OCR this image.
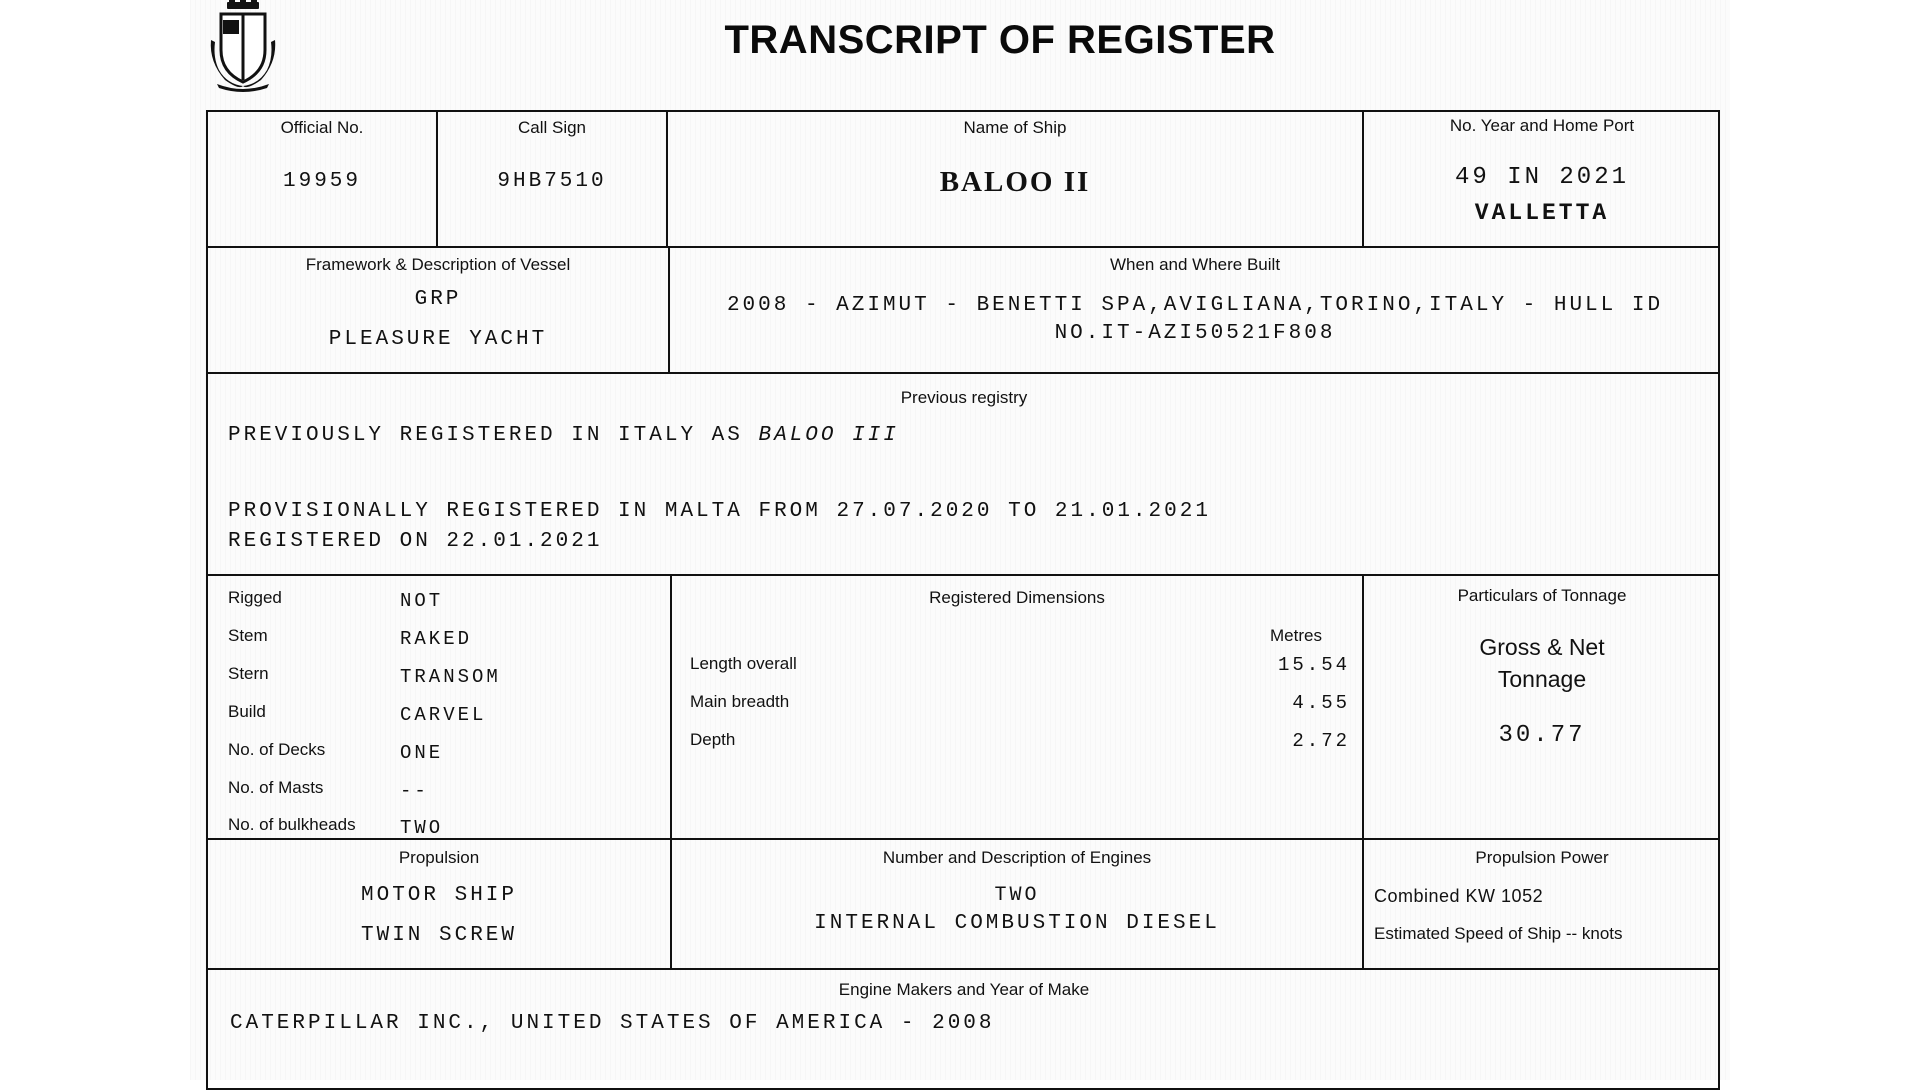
TRANSCRIPT OF REGISTER
Official No.
19959
Call Sign
9HB7510
Name of Ship
BALOO II
No. Year and Home Port
49 IN 2021
VALLETTA
Framework & Description of Vessel
GRP
PLEASURE YACHT
When and Where Built
2008 - AZIMUT - BENETTI SPA,AVIGLIANA,TORINO,ITALY - HULL ID
NO.IT-AZI50521F808
Previous registry
PREVIOUSLY REGISTERED IN ITALY AS BALOO III
PROVISIONALLY REGISTERED IN MALTA FROM 27.07.2020 TO 21.01.2021
REGISTERED ON 22.01.2021
Rigged	NOT
Stem	RAKED
Stern	TRANSOM
Build	CARVEL
No. of Decks	ONE
No. of Masts	--
No. of bulkheads TWO
Registered Dimensions
Metres
Length overall	15.54
Main breadth	4.55
Depth	2.72
Particulars of Tonnage
Gross & Net
Tonnage
30.77
Propulsion
MOTOR SHIP
TWIN SCREW
Number and Description of Engines
TWO
INTERNAL COMBUSTION DIESEL
Propulsion Power
Combined KW 1052
Estimated Speed of Ship -- knots
Engine Makers and Year of Make
CATERPILLAR INC., UNITED STATES OF AMERICA - 2008
